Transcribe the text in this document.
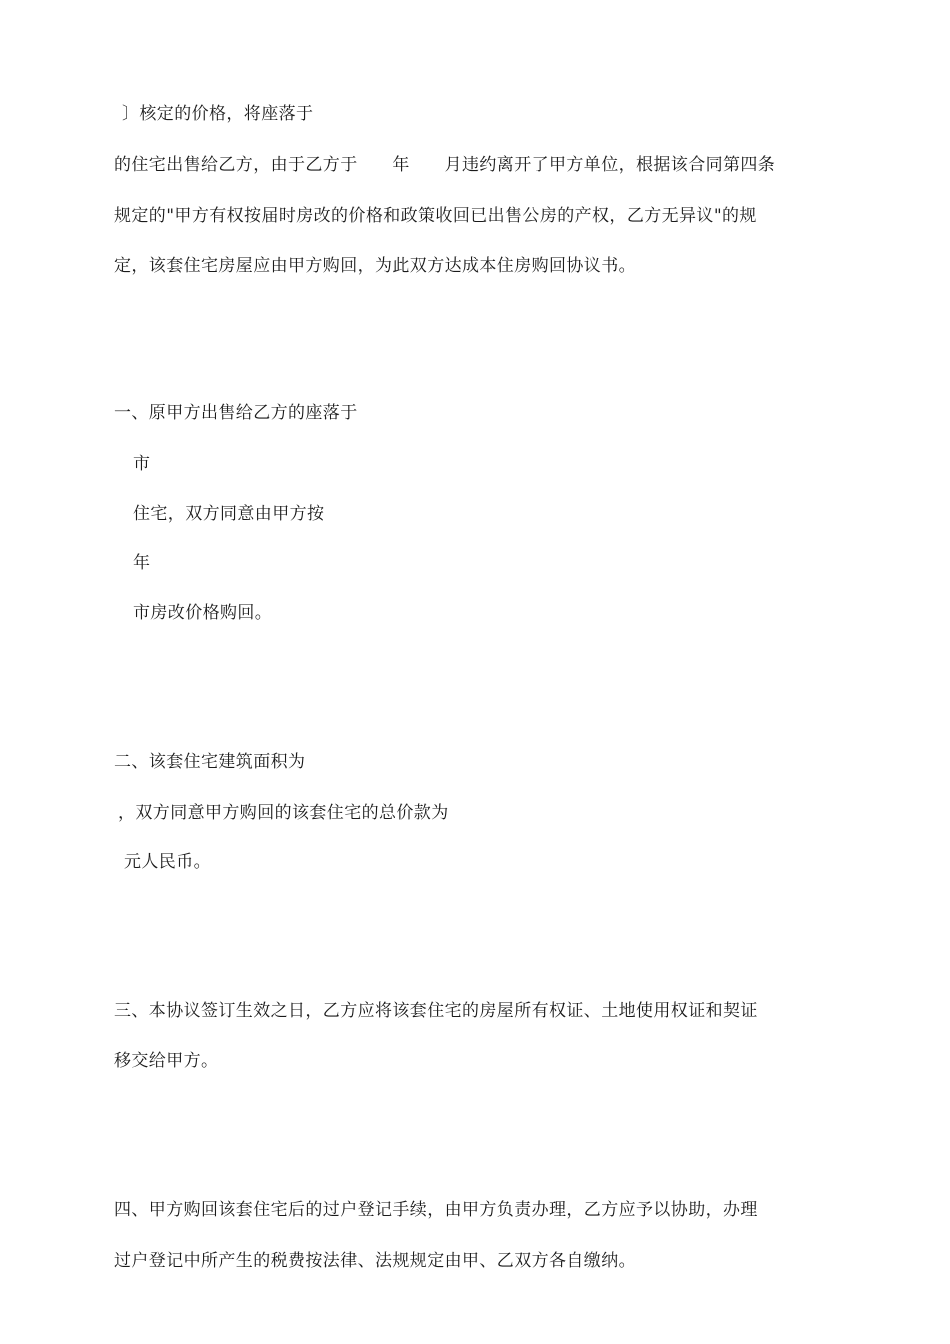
〕核定的价格，将座落于
的住宅出售给乙方，由于乙方于　　年　　月违约离开了甲方单位，根据该合同第四条
规定的"甲方有权按届时房改的价格和政策收回已出售公房的产权，乙方无异议"的规
定，该套住宅房屋应由甲方购回，为此双方达成本住房购回协议书。
一、原甲方出售给乙方的座落于
市
住宅，双方同意由甲方按
年
市房改价格购回。
二、该套住宅建筑面积为
，双方同意甲方购回的该套住宅的总价款为
元人民币。
三、本协议签订生效之日，乙方应将该套住宅的房屋所有权证、土地使用权证和契证
移交给甲方。
四、甲方购回该套住宅后的过户登记手续，由甲方负责办理，乙方应予以协助，办理
过户登记中所产生的税费按法律、法规规定由甲、乙双方各自缴纳。
